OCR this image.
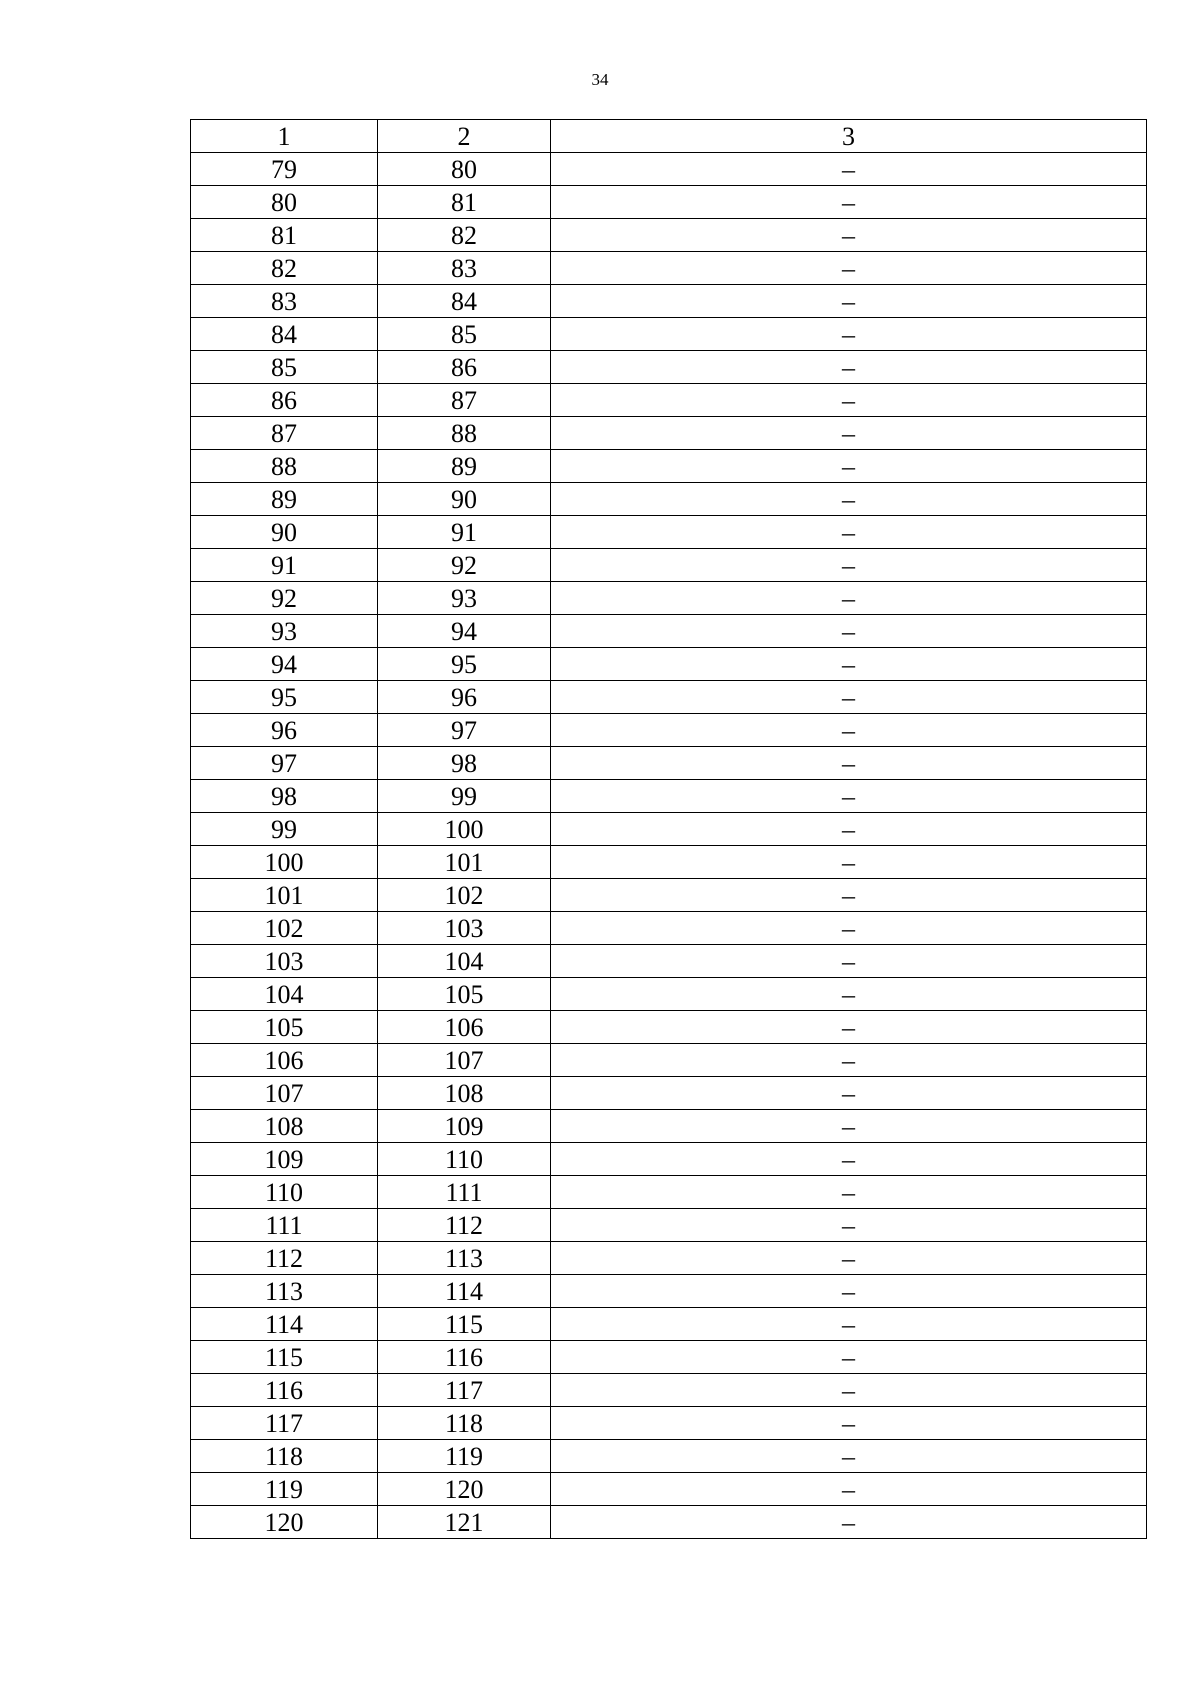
34
1	2	3
79	80	–
80	81	–
81	82	–
82	83	–
83	84	–
84	85	–
85	86	–
86	87	–
87	88	–
88	89	–
89	90	–
90	91	–
91	92	–
92	93	–
93	94	–
94	95	–
95	96	–
96	97	–
97	98	–
98	99	–
99	100	–
100	101	–
101	102	–
102	103	–
103	104	–
104	105	–
105	106	–
106	107	–
107	108	–
108	109	–
109	110	–
110	111	–
111	112	–
112	113	–
113	114	–
114	115	–
115	116	–
116	117	–
117	118	–
118	119	–
119	120	–
120	121	–
